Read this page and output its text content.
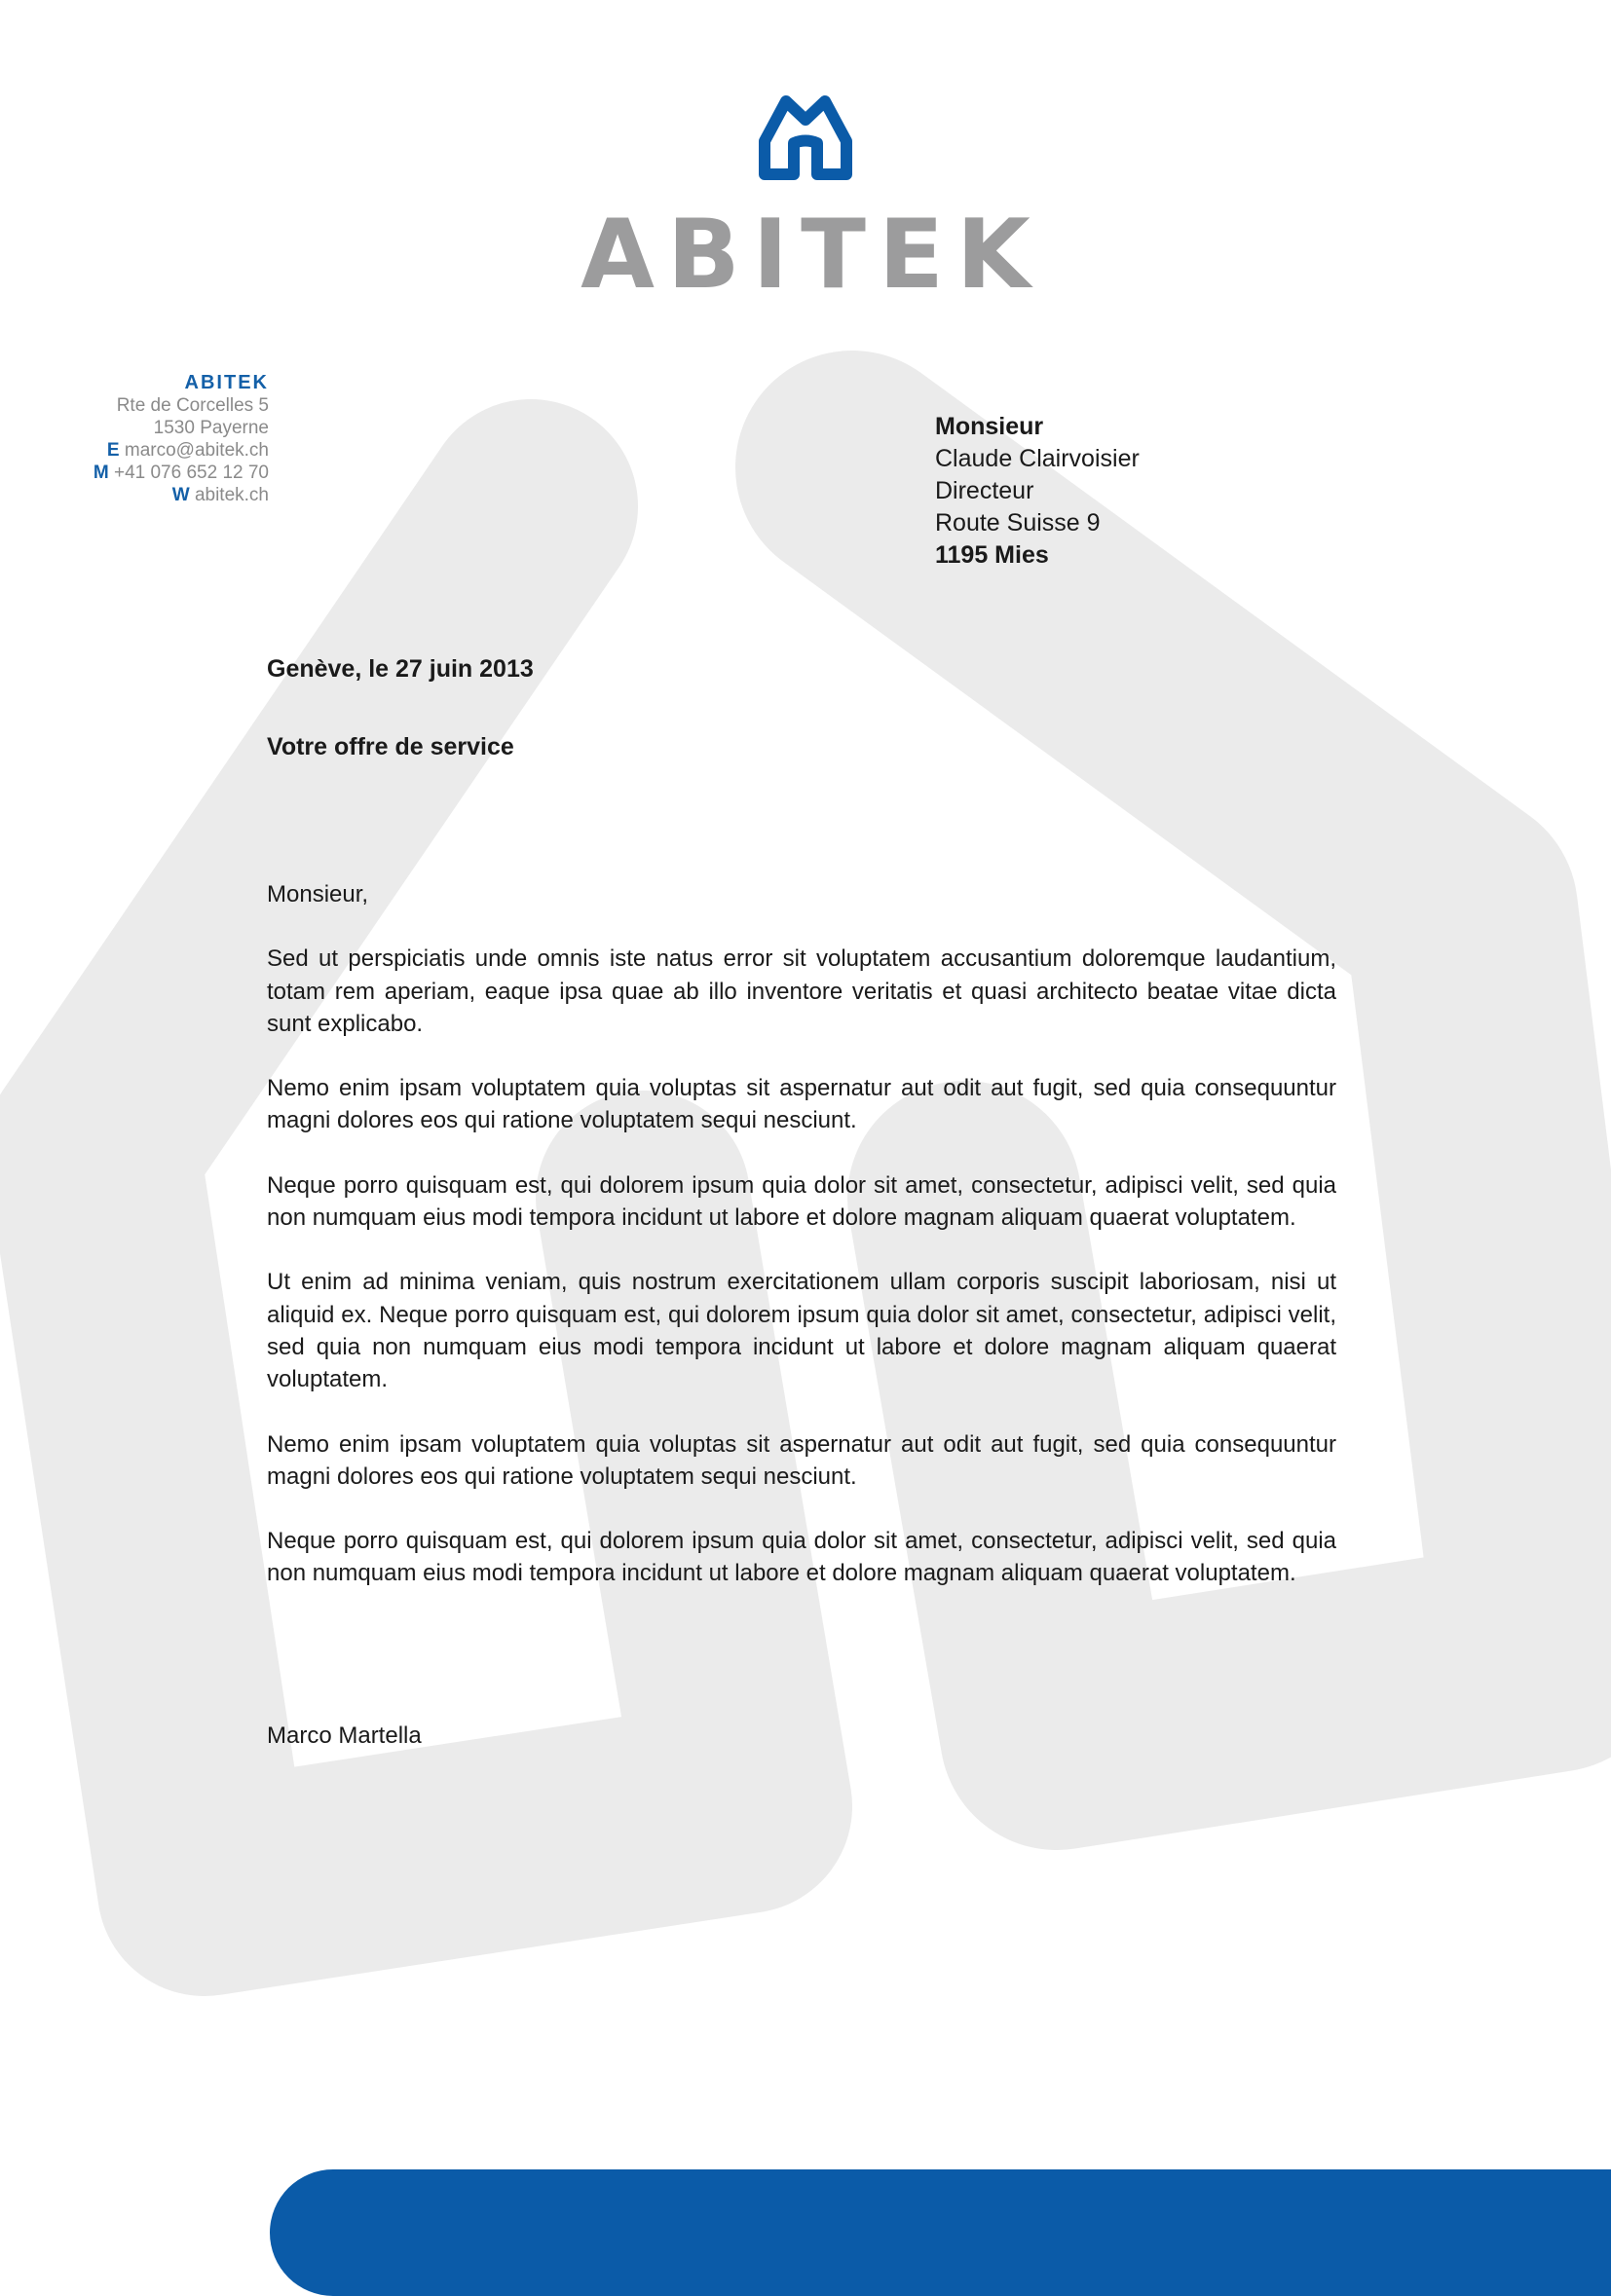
ABITEK
ABITEK
Rte de Corcelles 5
1530 Payerne
E marco@abitek.ch
M +41 076 652 12 70
W abitek.ch
Monsieur
Claude Clairvoisier
Directeur
Route Suisse 9
1195 Mies
Genève, le 27 juin 2013
Votre offre de service

Monsieur,

Sed ut perspiciatis unde omnis iste natus error sit voluptatem accusantium doloremque laudantium, totam rem aperiam, eaque ipsa quae ab illo inventore veritatis et quasi architecto beatae vitae dicta sunt explicabo.

Nemo enim ipsam voluptatem quia voluptas sit aspernatur aut odit aut fugit, sed quia consequuntur magni dolores eos qui ratione voluptatem sequi nesciunt.

Neque porro quisquam est, qui dolorem ipsum quia dolor sit amet, consectetur, adipisci velit, sed quia non numquam eius modi tempora incidunt ut labore et dolore magnam aliquam quaerat voluptatem.

Ut enim ad minima veniam, quis nostrum exercitationem ullam corporis suscipit laboriosam, nisi ut aliquid ex. Neque porro quisquam est, qui dolorem ipsum quia dolor sit amet, consectetur, adipisci velit, sed quia non numquam eius modi tempora incidunt ut labore et dolore magnam aliquam quaerat voluptatem.

Nemo enim ipsam voluptatem quia voluptas sit aspernatur aut odit aut fugit, sed quia consequuntur magni dolores eos qui ratione voluptatem sequi nesciunt.

Neque porro quisquam est, qui dolorem ipsum quia dolor sit amet, consectetur, adipisci velit, sed quia non numquam eius modi tempora incidunt ut labore et dolore magnam aliquam quaerat voluptatem.

Marco Martella
